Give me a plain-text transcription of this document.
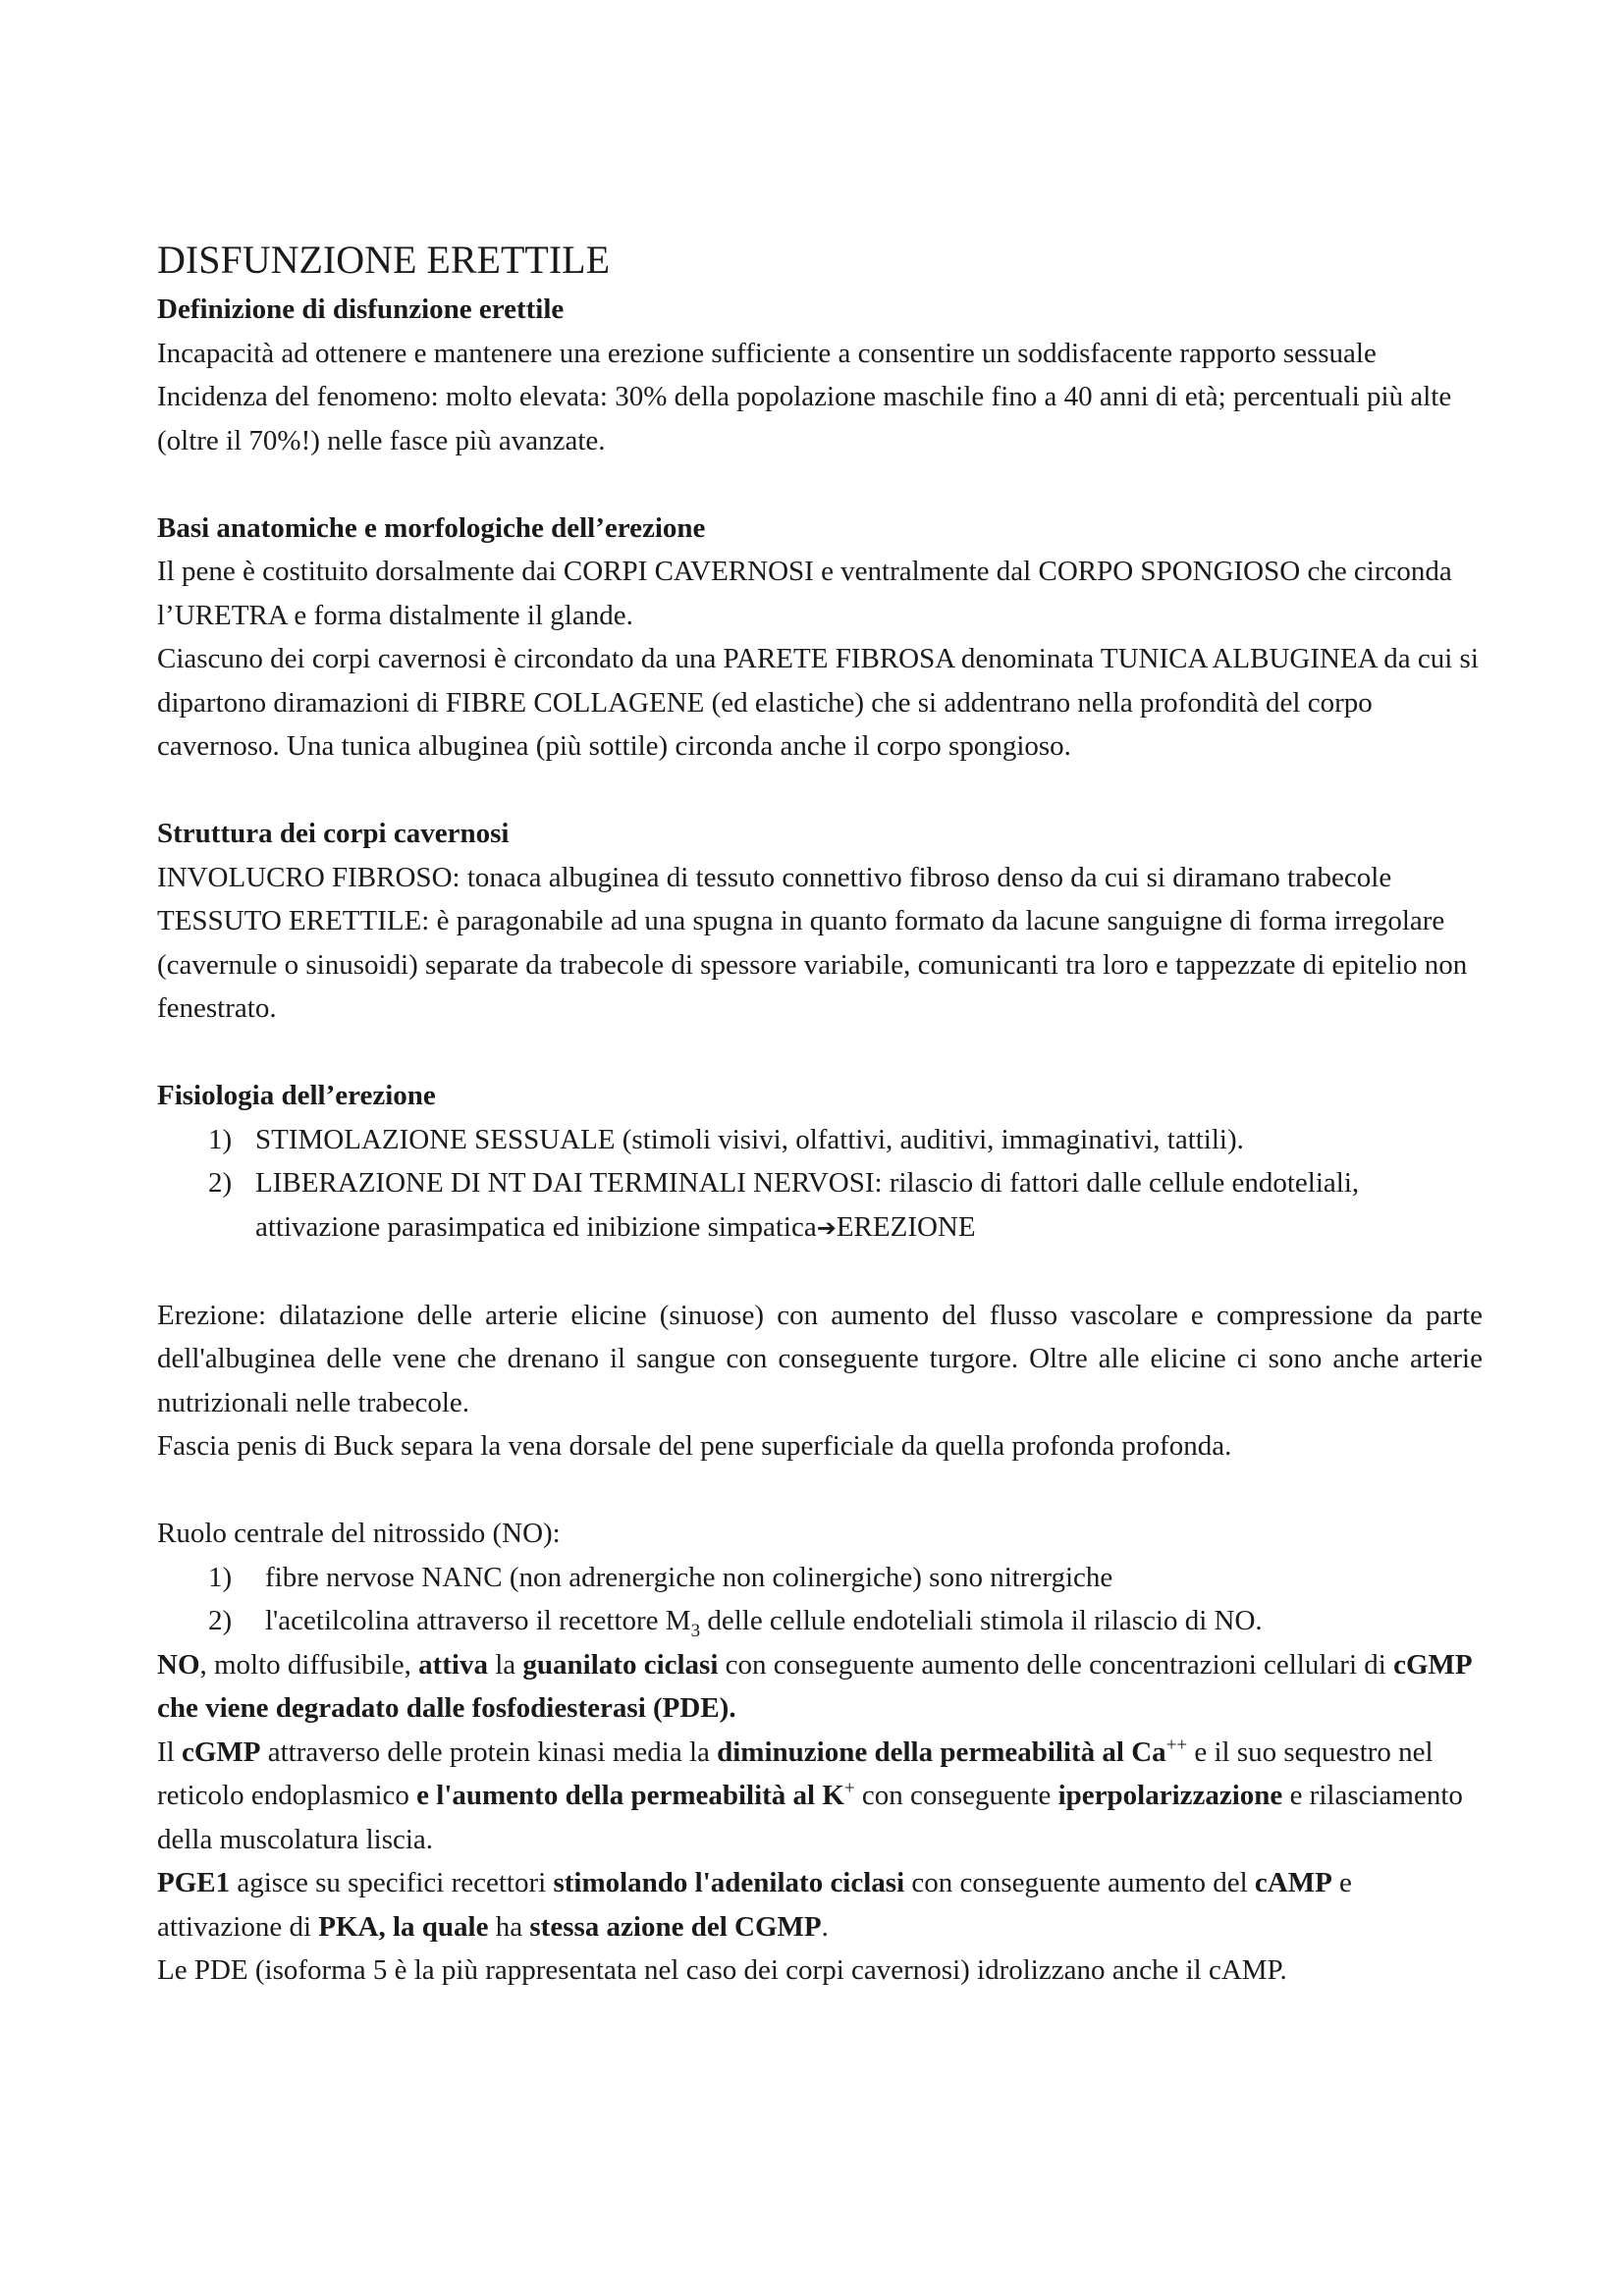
DISFUNZIONE ERETTILE

Definizione di disfunzione erettile

Incapacità ad ottenere e mantenere una erezione sufficiente a consentire un soddisfacente rapporto sessuale

Incidenza del fenomeno: molto elevata: 30% della popolazione maschile fino a 40 anni di età; percentuali più alte (oltre il 70%!) nelle fasce più avanzate.

Basi anatomiche e morfologiche dell’erezione

Il pene è costituito dorsalmente dai CORPI CAVERNOSI e ventralmente dal CORPO SPONGIOSO che circonda l’URETRA e forma distalmente il glande.

Ciascuno dei corpi cavernosi è circondato da una PARETE FIBROSA denominata TUNICA ALBUGINEA da cui si dipartono diramazioni di FIBRE COLLAGENE (ed elastiche) che si addentrano nella profondità del corpo cavernoso. Una tunica albuginea (più sottile) circonda anche il corpo spongioso.

Struttura dei corpi cavernosi

INVOLUCRO FIBROSO: tonaca albuginea di tessuto connettivo fibroso denso da cui si diramano trabecole

TESSUTO ERETTILE: è paragonabile ad una spugna in quanto formato da lacune sanguigne di forma irregolare (cavernule o sinusoidi) separate da trabecole di spessore variabile, comunicanti tra loro e tappezzate di epitelio non fenestrato.

Fisiologia dell’erezione

1) STIMOLAZIONE SESSUALE (stimoli visivi, olfattivi, auditivi, immaginativi, tattili).
2) LIBERAZIONE DI NT DAI TERMINALI NERVOSI: rilascio di fattori dalle cellule endoteliali, attivazione parasimpatica ed inibizione simpatica➔EREZIONE

Erezione: dilatazione delle arterie elicine (sinuose) con aumento del flusso vascolare e compressione da parte dell'albuginea delle vene che drenano il sangue con conseguente turgore. Oltre alle elicine ci sono anche arterie nutrizionali nelle trabecole.

Fascia penis di Buck separa la vena dorsale del pene superficiale da quella profonda profonda.

Ruolo centrale del nitrossido (NO):

1) fibre nervose NANC (non adrenergiche non colinergiche) sono nitrergiche
2) l'acetilcolina attraverso il recettore $M_3$ delle cellule endoteliali stimola il rilascio di NO.

NO, molto diffusibile, attiva la guanilato ciclasi con conseguente aumento delle concentrazioni cellulari di cGMP che viene degradato dalle fosfodiesterasi (PDE).

Il cGMP attraverso delle protein kinasi media la diminuzione della permeabilità al Ca++ e il suo sequestro nel reticolo endoplasmico e l'aumento della permeabilità al K+ con conseguente iperpolarizzazione e rilasciamento della muscolatura liscia.

PGE1 agisce su specifici recettori stimolando l'adenilato ciclasi con conseguente aumento del cAMP e attivazione di PKA, la quale ha stessa azione del CGMP.

Le PDE (isoforma 5 è la più rappresentata nel caso dei corpi cavernosi) idrolizzano anche il cAMP.
